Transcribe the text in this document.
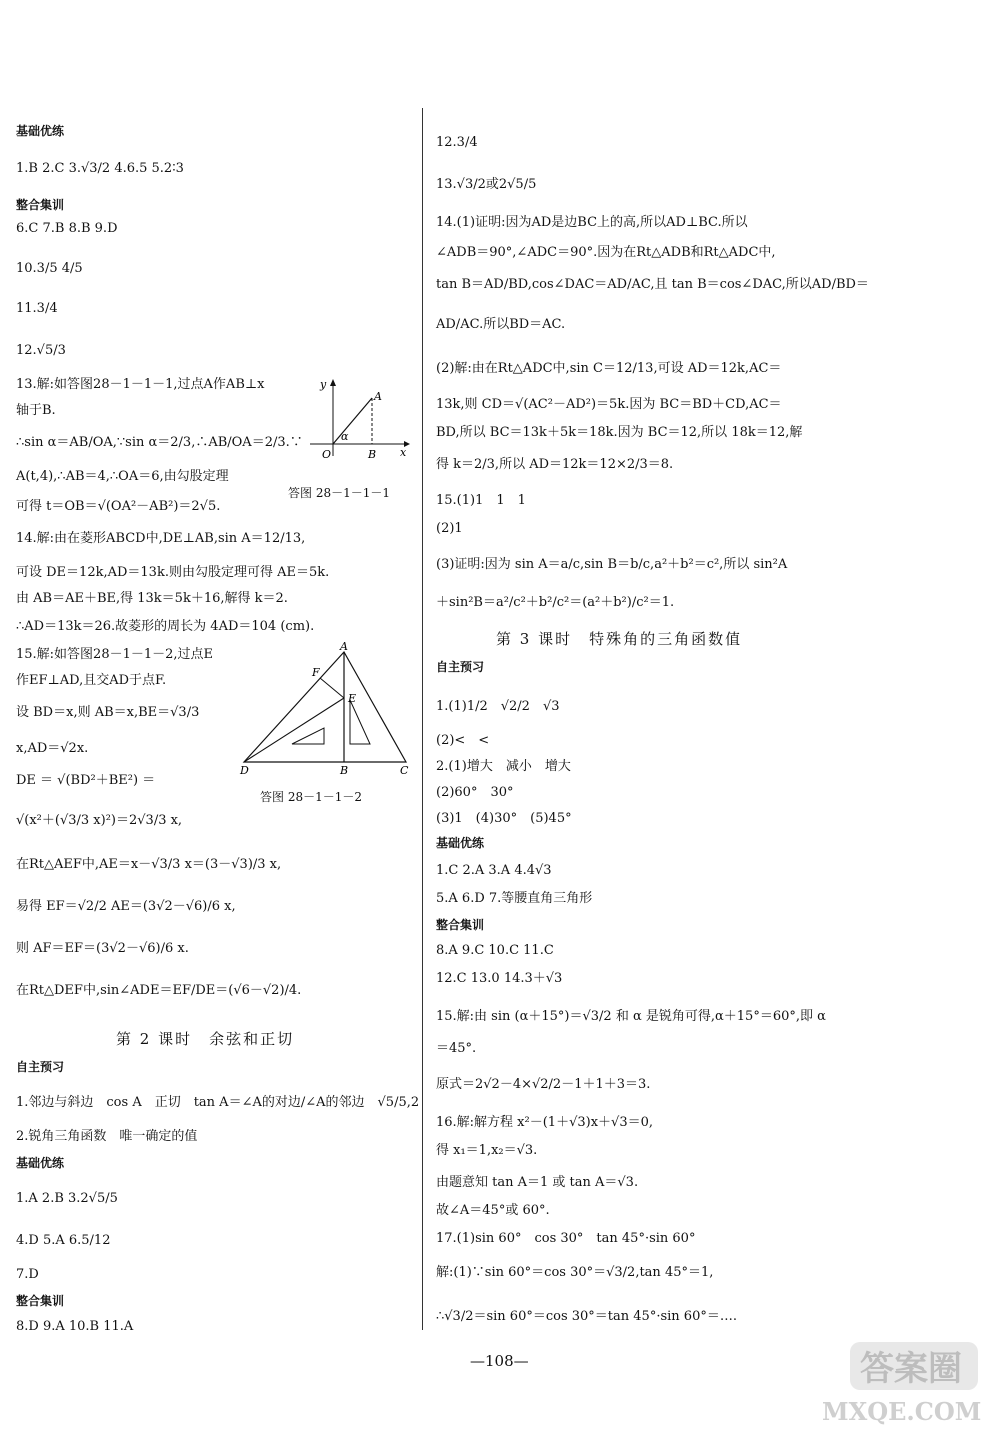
基础优练
1.B 2.C 3.√3/2 4.6.5 5.2∶3
整合集训
6.C 7.B 8.B 9.D
10.3/5 4/5
11.3/4
12.√5/3
13.解:如答图28－1－1－1,过点A作AB⊥x
轴于B.
∴sin α＝AB/OA,∵sin α＝2/3,∴AB/OA＝2/3.∵
A(t,4),∴AB＝4,∴OA＝6,由勾股定理
可得 t＝OB＝√(OA²－AB²)＝2√5.
答图 28－1－1－1
14.解:由在菱形ABCD中,DE⊥AB,sin A＝12/13,
可设 DE＝12k,AD＝13k.则由勾股定理可得 AE＝5k.
由 AB＝AE＋BE,得 13k＝5k＋16,解得 k＝2.
∴AD＝13k＝26.故菱形的周长为 4AD＝104 (cm).
15.解:如答图28－1－1－2,过点E
作EF⊥AD,且交AD于点F.
设 BD＝x,则 AB＝x,BE＝√3/3
x,AD＝√2x.
DE ＝ √(BD²＋BE²) ＝
√(x²＋(√3/3 x)²)＝2√3/3 x,
在Rt△AEF中,AE＝x－√3/3 x＝(3－√3)/3 x,
易得 EF＝√2/2 AE＝(3√2－√6)/6 x,
则 AF＝EF＝(3√2－√6)/6 x.
在Rt△DEF中,sin∠ADE＝EF/DE＝(√6－√2)/4.
答图 28－1－1－2
第 2 课时　余弦和正切
自主预习
1.邻边与斜边　cos A　正切　tan A＝∠A的对边/∠A的邻边　√5/5,2
2.锐角三角函数　唯一确定的值
基础优练
1.A 2.B 3.2√5/5
4.D 5.A 6.5/12
7.D
整合集训
8.D 9.A 10.B 11.A
y
A
α
O	B x
A
F
E
D	B	C
12.3/4
13.√3/2或2√5/5
14.(1)证明:因为AD是边BC上的高,所以AD⊥BC.所以
∠ADB＝90°,∠ADC＝90°.因为在Rt△ADB和Rt△ADC中,
tan B＝AD/BD,cos∠DAC＝AD/AC,且 tan B＝cos∠DAC,所以AD/BD＝
AD/AC.所以BD＝AC.
(2)解:由在Rt△ADC中,sin C＝12/13,可设 AD＝12k,AC＝
13k,则 CD＝√(AC²－AD²)＝5k.因为 BC＝BD＋CD,AC＝
BD,所以 BC＝13k＋5k＝18k.因为 BC＝12,所以 18k＝12,解
得 k＝2/3,所以 AD＝12k＝12×2/3＝8.
15.(1)1　1　1
(2)1
(3)证明:因为 sin A＝a/c,sin B＝b/c,a²＋b²＝c²,所以 sin²A
＋sin²B＝a²/c²＋b²/c²＝(a²＋b²)/c²＝1.
第 3 课时　特殊角的三角函数值
自主预习
1.(1)1/2　√2/2　√3
(2)<　<
2.(1)增大　减小　增大
(2)60°　30°
(3)1　(4)30°　(5)45°
基础优练
1.C 2.A 3.A 4.4√3
5.A 6.D 7.等腰直角三角形
整合集训
8.A 9.C 10.C 11.C
12.C 13.0 14.3＋√3
15.解:由 sin (α＋15°)＝√3/2 和 α 是锐角可得,α＋15°＝60°,即 α
＝45°.
原式＝2√2－4×√2/2－1＋1＋3＝3.
16.解:解方程 x²－(1＋√3)x＋√3＝0,
得 x₁＝1,x₂＝√3.
由题意知 tan A＝1 或 tan A＝√3.
故∠A＝45°或 60°.
17.(1)sin 60°　cos 30°　tan 45°·sin 60°
解:(1)∵sin 60°＝cos 30°＝√3/2,tan 45°＝1,
∴√3/2＝sin 60°＝cos 30°＝tan 45°·sin 60°＝….
—108—	答案圈
MXQE.COM
